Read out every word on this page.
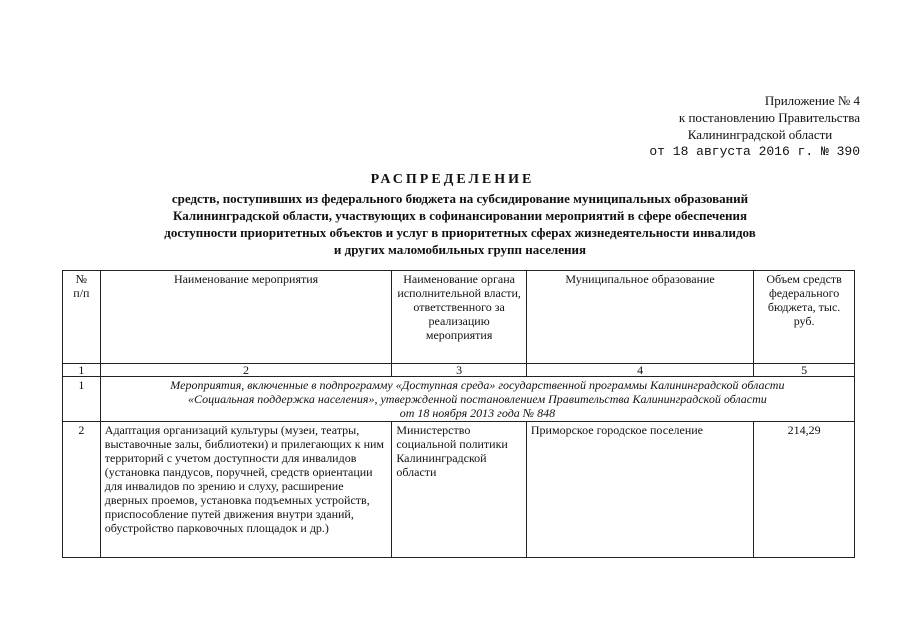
Приложение № 4
к постановлению Правительства
Калининградской области
от 18 августа 2016 г. № 390
РАСПРЕДЕЛЕНИЕ
средств, поступивших из федерального бюджета на субсидирование муниципальных образований
Калининградской области, участвующих в софинансировании мероприятий в сфере обеспечения
доступности приоритетных объектов и услуг в приоритетных сферах жизнедеятельности инвалидов
и других маломобильных групп населения
№
п/п	Наименование мероприятия	Наименование органа исполнительной власти, ответственного за реализацию мероприятия	Муниципальное образование	Объем средств федерального бюджета, тыс. руб.
1	2	3	4	5
1	Мероприятия, включенные в подпрограмму «Доступная среда» государственной программы Калининградской области
«Социальная поддержка населения», утвержденной постановлением Правительства Калининградской области
от 18 ноября 2013 года № 848			

2	Адаптация организаций культуры (музеи, театры, выставочные залы, библиотеки) и прилегающих к ним территорий с учетом доступности для инвалидов (установка пандусов, поручней, средств ориентации для инвалидов по зрению и слуху, расширение дверных проемов, установка подъемных устройств, приспособление путей движения внутри зданий, обустройство парковочных площадок и др.)	Министерство социальной политики Калининградской области	Приморское городское поселение	214,29
